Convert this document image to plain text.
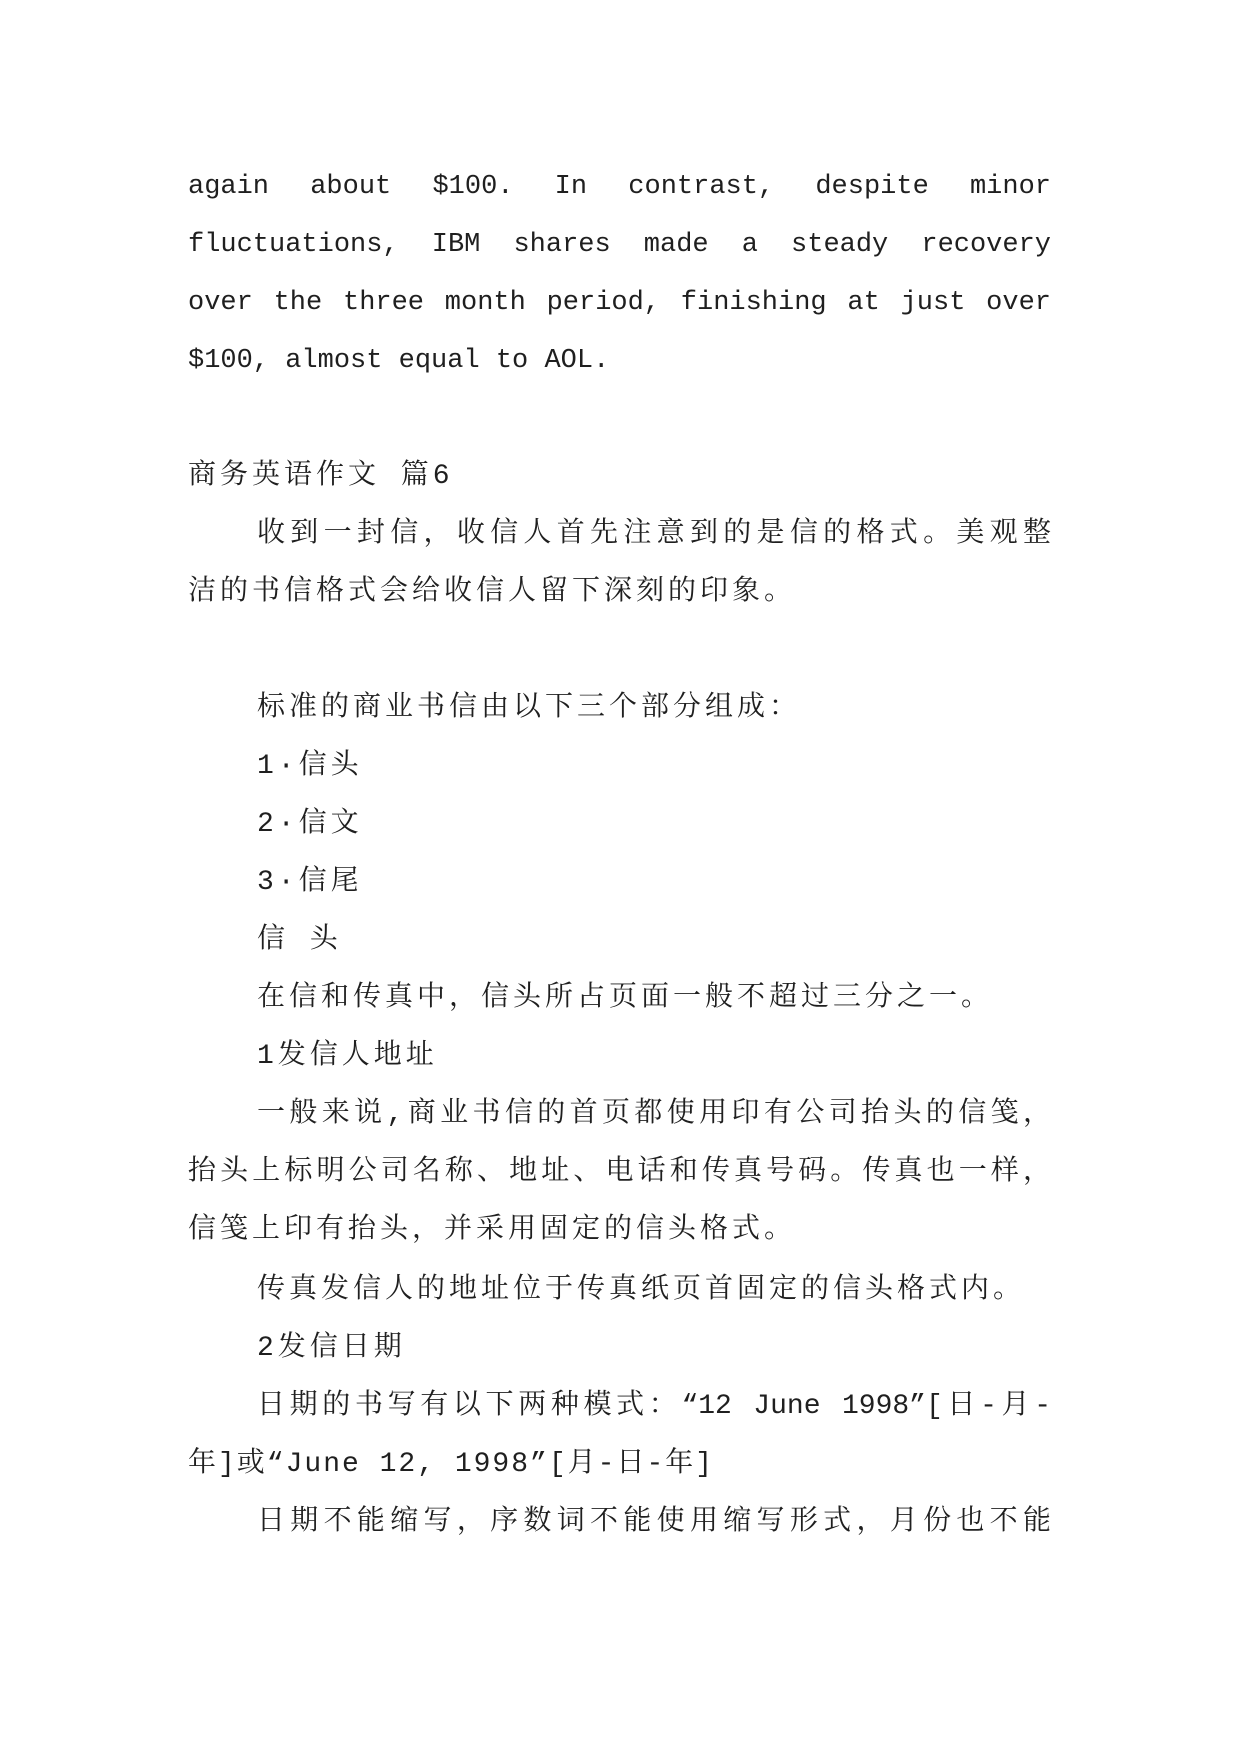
again about $100. In contrast, despite minor
fluctuations, IBM shares made a steady recovery
over the three month period, finishing at just over
$100, almost equal to AOL.
商务英语作文 篇6
收到一封信，收信人首先注意到的是信的格式。美观整
洁的书信格式会给收信人留下深刻的印象。
标准的商业书信由以下三个部分组成：
1·信头
2·信文
3·信尾
信 头
在信和传真中，信头所占页面一般不超过三分之一。
1发信人地址
一般来说,商业书信的首页都使用印有公司抬头的信笺，
抬头上标明公司名称、地址、电话和传真号码。传真也一样，
信笺上印有抬头，并采用固定的信头格式。
传真发信人的地址位于传真纸页首固定的信头格式内。
2发信日期
日期的书写有以下两种模式：“12 June 1998”[日-月-
年]或“June 12, 1998”[月-日-年]
日期不能缩写，序数词不能使用缩写形式，月份也不能
